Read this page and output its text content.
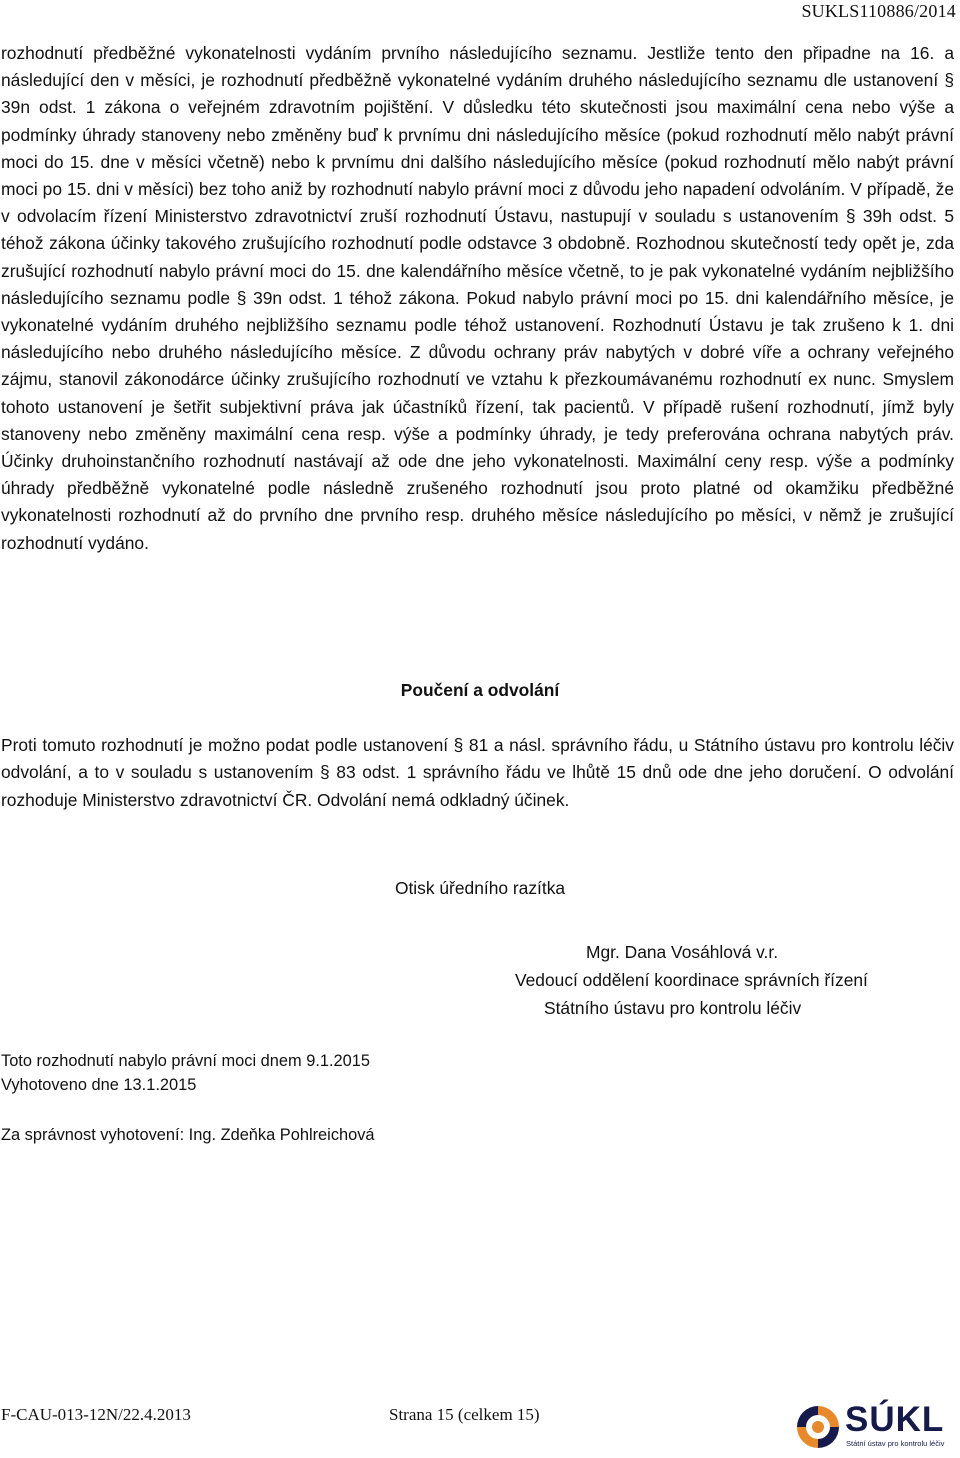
SUKLS110886/2014

rozhodnutí předběžné vykonatelnosti vydáním prvního následujícího seznamu. Jestliže tento den připadne na 16. a následující den v měsíci, je rozhodnutí předběžně vykonatelné vydáním druhého následujícího seznamu dle ustanovení § 39n odst. 1 zákona o veřejném zdravotním pojištění. V důsledku této skutečnosti jsou maximální cena nebo výše a podmínky úhrady stanoveny nebo změněny buď k prvnímu dni následujícího měsíce (pokud rozhodnutí mělo nabýt právní moci do 15. dne v měsíci včetně) nebo k prvnímu dni dalšího následujícího měsíce (pokud rozhodnutí mělo nabýt právní moci po 15. dni v měsíci) bez toho aniž by rozhodnutí nabylo právní moci z důvodu jeho napadení odvoláním. V případě, že v odvolacím řízení Ministerstvo zdravotnictví zruší rozhodnutí Ústavu, nastupují v souladu s ustanovením § 39h odst. 5 téhož zákona účinky takového zrušujícího rozhodnutí podle odstavce 3 obdobně. Rozhodnou skutečností tedy opět je, zda zrušující rozhodnutí nabylo právní moci do 15. dne kalendářního měsíce včetně, to je pak vykonatelné vydáním nejbližšího následujícího seznamu podle § 39n odst. 1 téhož zákona. Pokud nabylo právní moci po 15. dni kalendářního měsíce, je vykonatelné vydáním druhého nejbližšího seznamu podle téhož ustanovení. Rozhodnutí Ústavu je tak zrušeno k 1. dni následujícího nebo druhého následujícího měsíce. Z důvodu ochrany práv nabytých v dobré víře a ochrany veřejného zájmu, stanovil zákonodárce účinky zrušujícího rozhodnutí ve vztahu k přezkoumávanému rozhodnutí ex nunc. Smyslem tohoto ustanovení je šetřit subjektivní práva jak účastníků řízení, tak pacientů. V případě rušení rozhodnutí, jímž byly stanoveny nebo změněny maximální cena resp. výše a podmínky úhrady, je tedy preferována ochrana nabytých práv. Účinky druhoinstančního rozhodnutí nastávají až ode dne jeho vykonatelnosti. Maximální ceny resp. výše a podmínky úhrady předběžně vykonatelné podle následně zrušeného rozhodnutí jsou proto platné od okamžiku předběžné vykonatelnosti rozhodnutí až do prvního dne prvního resp. druhého měsíce následujícího po měsíci, v němž je zrušující rozhodnutí vydáno.

Poučení a odvolání

Proti tomuto rozhodnutí je možno podat podle ustanovení § 81 a násl. správního řádu, u Státního ústavu pro kontrolu léčiv odvolání, a to v souladu s ustanovením § 83 odst. 1 správního řádu ve lhůtě 15 dnů ode dne jeho doručení. O odvolání rozhoduje Ministerstvo zdravotnictví ČR. Odvolání nemá odkladný účinek.

Otisk úředního razítka
Mgr. Dana Vosáhlová v.r.
Vedoucí oddělení koordinace správních řízení
Státního ústavu pro kontrolu léčiv
Toto rozhodnutí nabylo právní moci dnem 9.1.2015
Vyhotoveno dne 13.1.2015
Za správnost vyhotovení: Ing. Zdeňka Pohlreichová
F-CAU-013-12N/22.4.2013	Strana 15 (celkem 15)	SÚKL
Státní ústav pro kontrolu léčiv
